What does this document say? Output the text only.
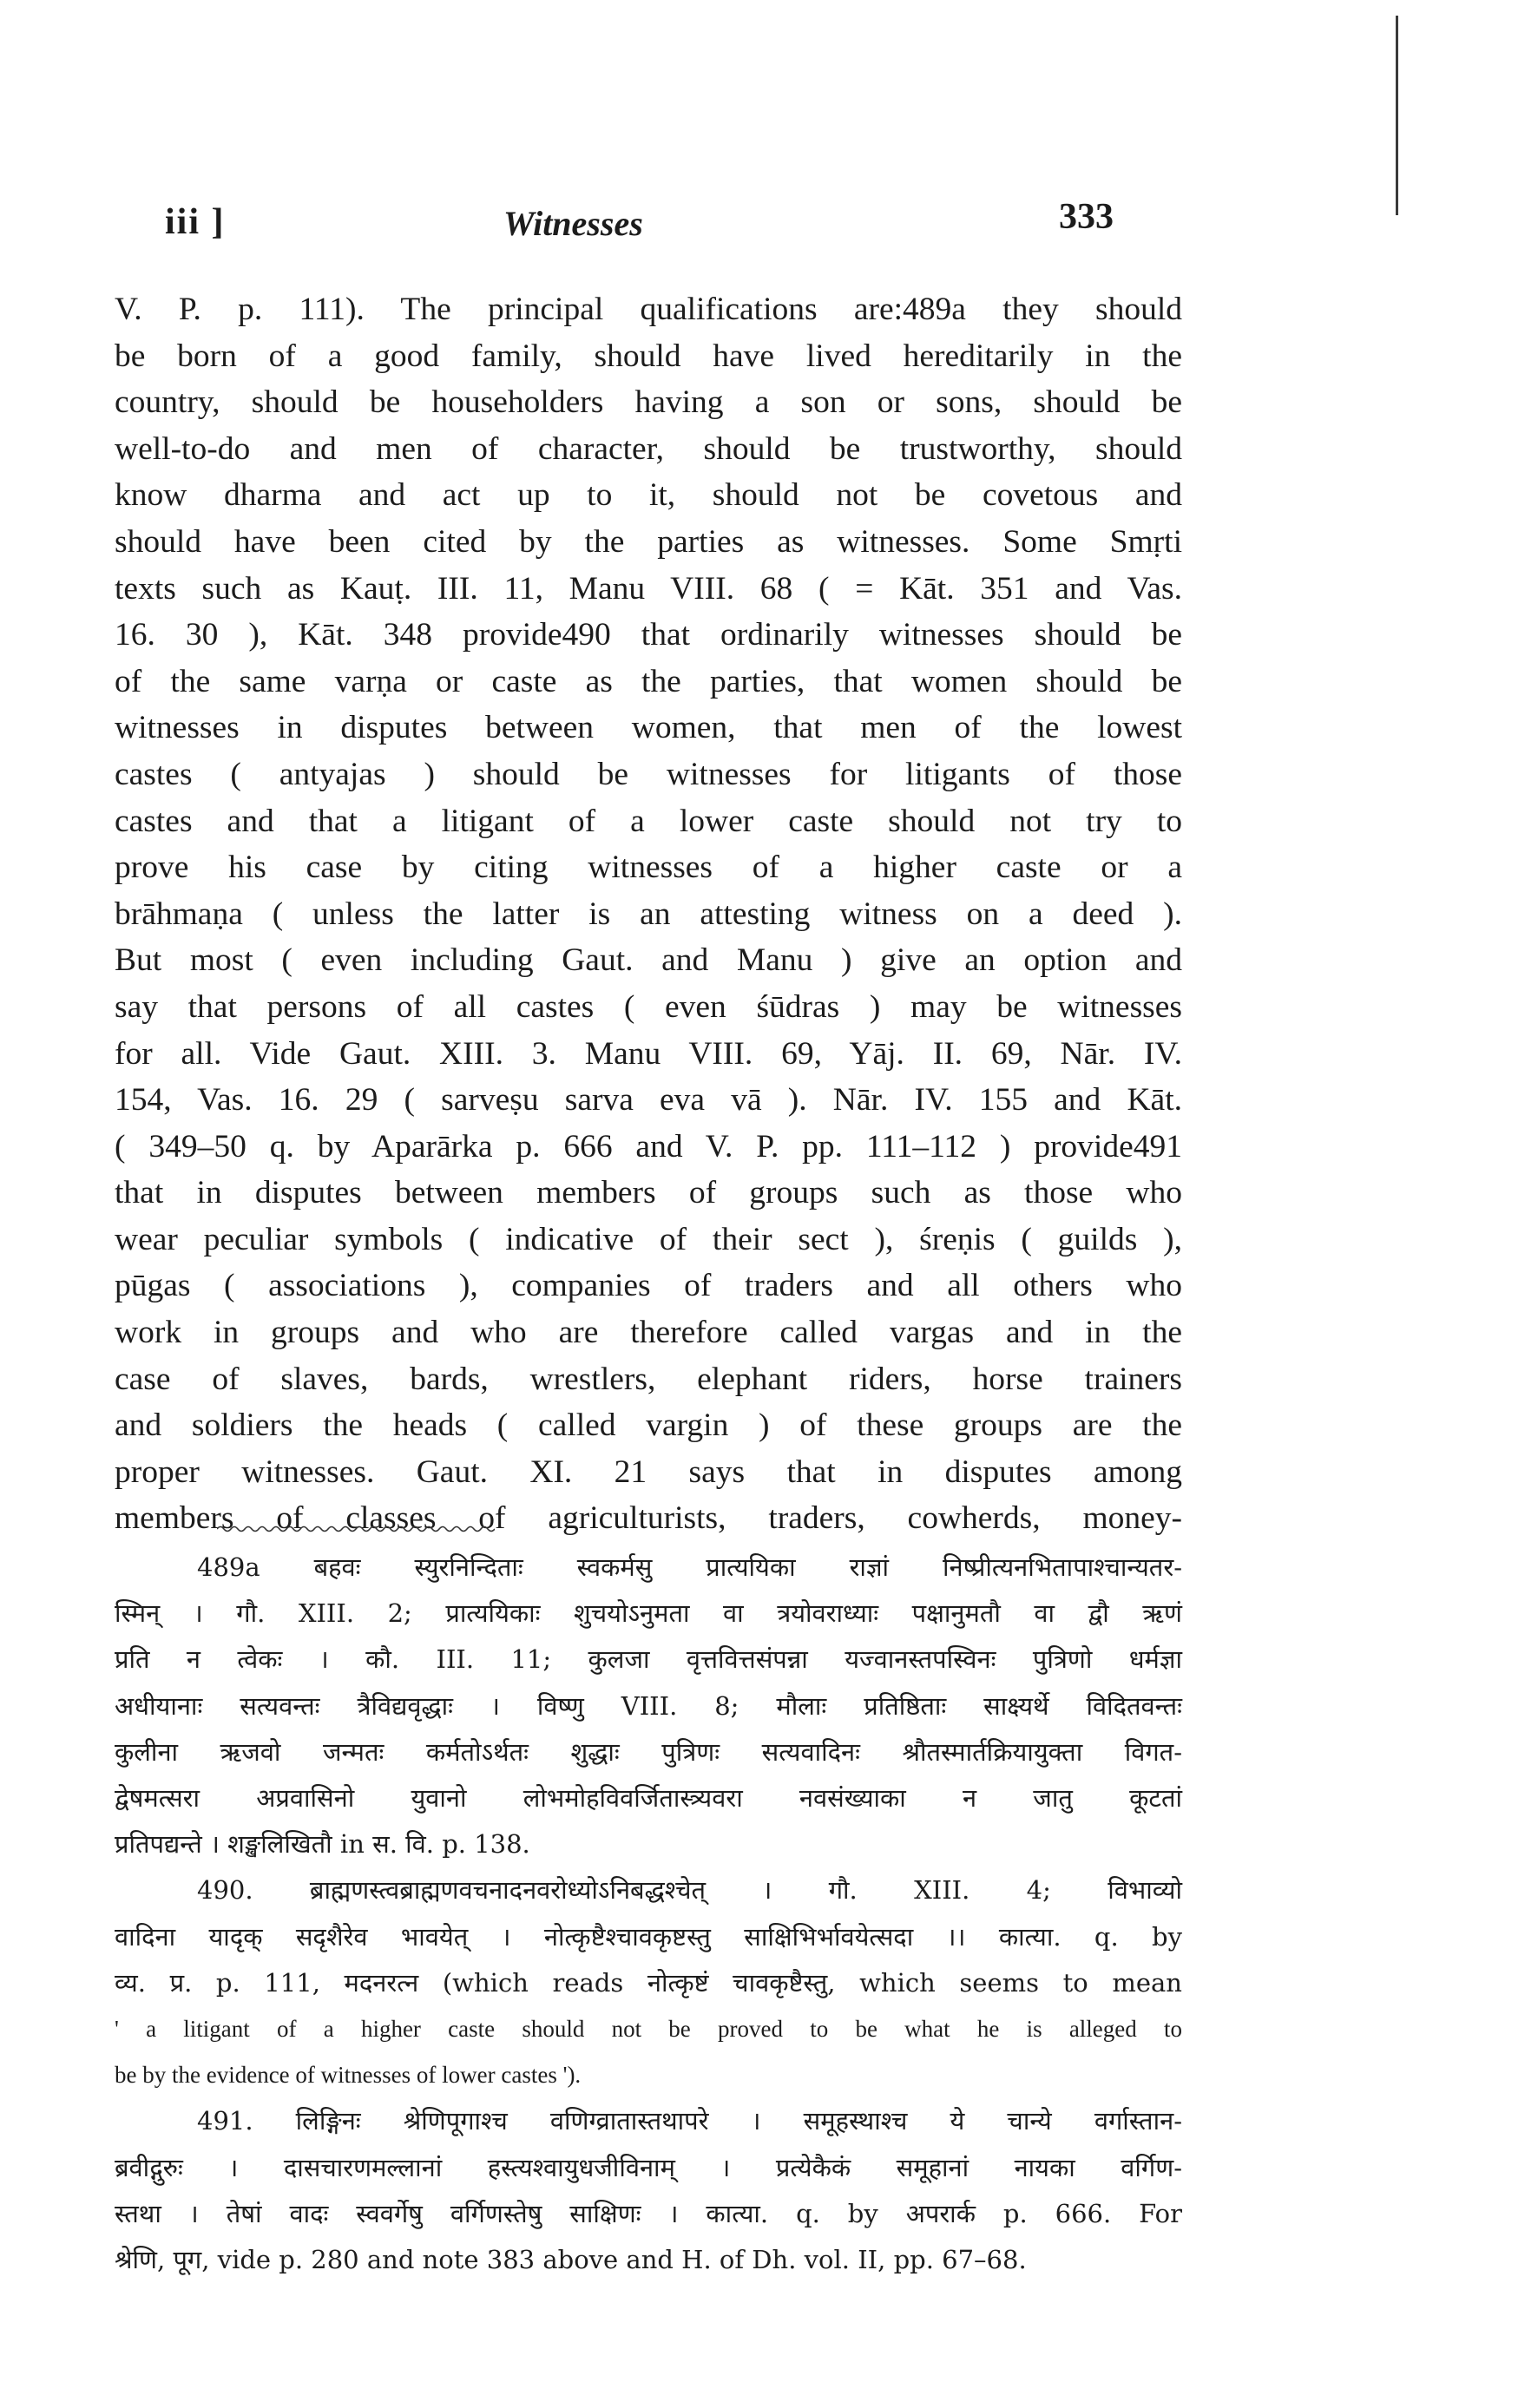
iii ]	Witnesses	333
V. P. p. 111). The principal qualifications are:489a they should
be born of a good family, should have lived hereditarily in the
country, should be householders having a son or sons, should be
well-to-do and men of character, should be trustworthy, should
know dharma and act up to it, should not be covetous and
should have been cited by the parties as witnesses. Some Smṛti
texts such as Kauṭ. III. 11, Manu VIII. 68 ( = Kāt. 351 and Vas.
16. 30 ), Kāt. 348 provide490 that ordinarily witnesses should be
of the same varṇa or caste as the parties, that women should be
witnesses in disputes between women, that men of the lowest
castes ( antyajas ) should be witnesses for litigants of those
castes and that a litigant of a lower caste should not try to
prove his case by citing witnesses of a higher caste or a
brāhmaṇa ( unless the latter is an attesting witness on a deed ).
But most ( even including Gaut. and Manu ) give an option and
say that persons of all castes ( even śūdras ) may be witnesses
for all. Vide Gaut. XIII. 3. Manu VIII. 69, Yāj. II. 69, Nār. IV.
154, Vas. 16. 29 ( sarveṣu sarva eva vā ). Nār. IV. 155 and Kāt.
( 349–50 q. by Aparārka p. 666 and V. P. pp. 111–112 ) provide491
that in disputes between members of groups such as those who
wear peculiar symbols ( indicative of their sect ), śreṇis ( guilds ),
pūgas ( associations ), companies of traders and all others who
work in groups and who are therefore called vargas and in the
case of slaves, bards, wrestlers, elephant riders, horse trainers
and soldiers the heads ( called vargin ) of these groups are the
proper witnesses. Gaut. XI. 21 says that in disputes among
members of classes of agriculturists, traders, cowherds, money-
489a बहवः स्युरनिन्दिताः स्वकर्मसु प्रात्ययिका राज्ञां निष्प्रीत्यनभितापाश्चान्यतर-
स्मिन् । गौ. XIII. 2; प्रात्ययिकाः शुचयोऽनुमता वा त्रयोवराध्याः पक्षानुमतौ वा द्वौ ऋणं
प्रति न त्वेकः । कौ. III. 11; कुलजा वृत्तवित्तसंपन्ना यज्वानस्तपस्विनः पुत्रिणो धर्मज्ञा
अधीयानाः सत्यवन्तः त्रैविद्यवृद्धाः । विष्णु VIII. 8; मौलाः प्रतिष्ठिताः साक्ष्यर्थे विदितवन्तः
कुलीना ऋजवो जन्मतः कर्मतोऽर्थतः शुद्धाः पुत्रिणः सत्यवादिनः श्रौतस्मार्तक्रियायुक्ता विगत-
द्वेषमत्सरा अप्रवासिनो युवानो लोभमोहविवर्जितास्त्र्यवरा नवसंख्याका न जातु कूटतां
प्रतिपद्यन्ते । शङ्खलिखितौ in स. वि. p. 138.
490. ब्राह्मणस्त्वब्राह्मणवचनादनवरोध्योऽनिबद्धश्चेत् । गौ. XIII. 4; विभाव्यो
वादिना यादृक् सदृशैरेव भावयेत् । नोत्कृष्टैश्चावकृष्टस्तु साक्षिभिर्भावयेत्सदा ।। कात्या. q. by
व्य. प्र. p. 111, मदनरत्न (which reads नोत्कृष्टं चावकृष्टैस्तु, which seems to mean
' a litigant of a higher caste should not be proved to be what he is alleged to
be by the evidence of witnesses of lower castes ').
491. लिङ्गिनः श्रेणिपूगाश्च वणिग्व्रातास्तथापरे । समूहस्थाश्च ये चान्ये वर्गास्तान-
ब्रवीद्गुरुः । दासचारणमल्लानां हस्त्यश्वायुधजीविनाम् । प्रत्येकैकं समूहानां नायका वर्गिण-
स्तथा । तेषां वादः स्ववर्गेषु वर्गिणस्तेषु साक्षिणः । कात्या. q. by अपरार्क p. 666. For
श्रेणि, पूग, vide p. 280 and note 383 above and H. of Dh. vol. II, pp. 67–68.
